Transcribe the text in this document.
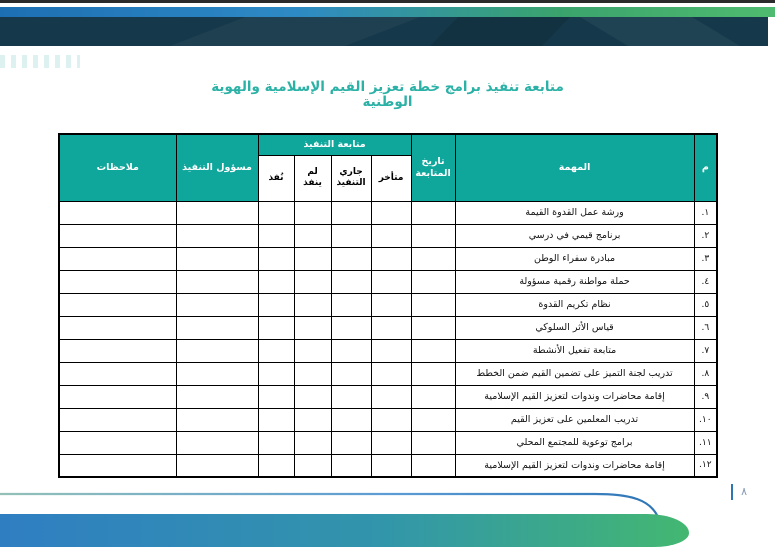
متابعة تنفيذ برامج خطة تعزيز القيم الإسلامية والهوية
الوطنية
م	المهمة	تاريخ المتابعة	متابعة التنفيذ				مسؤول التنفيذ	ملاحظات
			متأخر	جاري التنفيذ	لم ينفذ	نُفذ		
١.	ورشة عمل القدوة القيمة							
٢.	برنامج قيمي في درسي							
٣.	مبادرة سفراء الوطن							
٤.	حملة مواطنة رقمية مسؤولة							
٥.	نظام تكريم القدوة							
٦.	قياس الأثر السلوكي							
٧.	متابعة تفعيل الأنشطة							
٨.	تدريب لجنة التميز على تضمين القيم ضمن الخطط							
٩.	إقامة محاضرات وندوات لتعزيز القيم الإسلامية							
١٠.	تدريب المعلمين على تعزيز القيم							
١١.	برامج توعوية للمجتمع المحلي							
١٢.	إقامة محاضرات وندوات لتعزيز القيم الإسلامية							
٨
